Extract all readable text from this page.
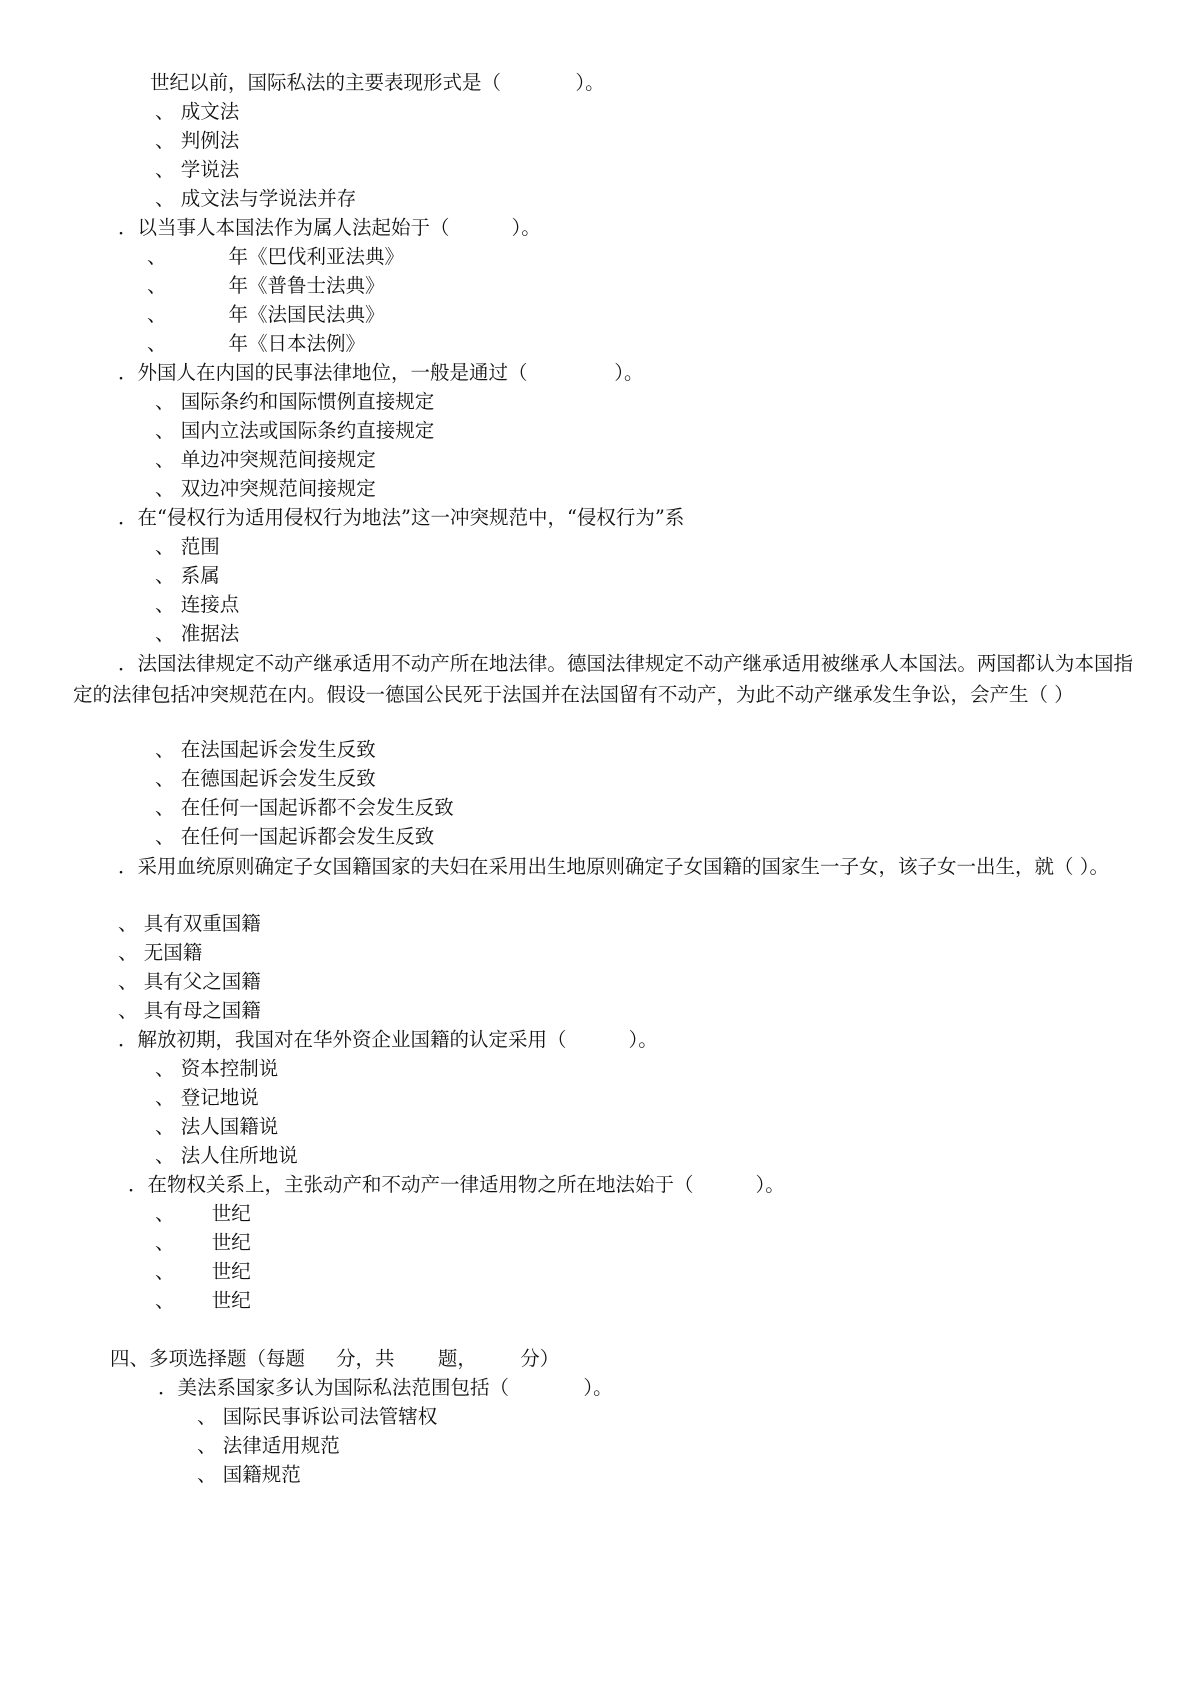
世纪以前，国际私法的主要表现形式是（            ）。
、 成文法
、 判例法
、 学说法
、 成文法与学说法并存
．以当事人本国法作为属人法起始于（          ）。
、          年《巴伐利亚法典》
、          年《普鲁士法典》
、          年《法国民法典》
、          年《日本法例》
．外国人在内国的民事法律地位，一般是通过（              ）。
、 国际条约和国际惯例直接规定
、 国内立法或国际条约直接规定
、 单边冲突规范间接规定
、 双边冲突规范间接规定
．在“侵权行为适用侵权行为地法”这一冲突规范中，“侵权行为”系
、 范围
、 系属
、 连接点
、 准据法
．法国法律规定不动产继承适用不动产所在地法律。德国法律规定不动产继承适用被继承人本国法。两国都认为本国指定的法律包括冲突规范在内。假设一德国公民死于法国并在法国留有不动产，为此不动产继承发生争讼，会产生（ ）
、 在法国起诉会发生反致
、 在德国起诉会发生反致
、 在任何一国起诉都不会发生反致
、 在任何一国起诉都会发生反致
．采用血统原则确定子女国籍国家的夫妇在采用出生地原则确定子女国籍的国家生一子女，该子女一出生，就（ ）。
、 具有双重国籍
、 无国籍
、 具有父之国籍
、 具有母之国籍
．解放初期，我国对在华外资企业国籍的认定采用（          ）。
、 资本控制说
、 登记地说
、 法人国籍说
、 法人住所地说
．在物权关系上，主张动产和不动产一律适用物之所在地法始于（          ）。
、      世纪
、      世纪
、      世纪
、      世纪
四、多项选择题（每题     分，共       题，       分）
．美法系国家多认为国际私法范围包括（            ）。
、 国际民事诉讼司法管辖权
、 法律适用规范
、 国籍规范
